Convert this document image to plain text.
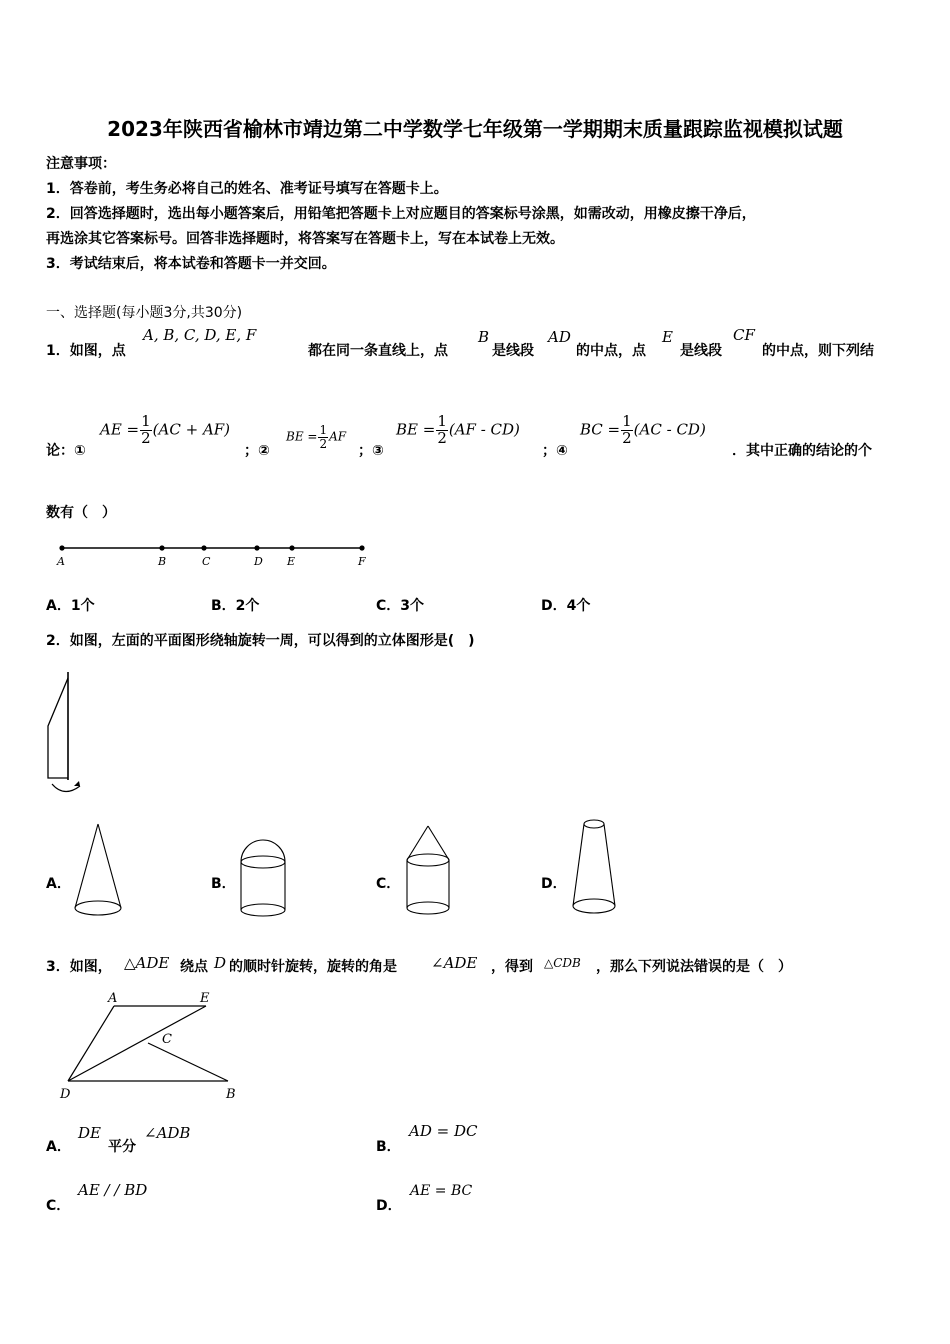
2023年陕西省榆林市靖边第二中学数学七年级第一学期期末质量跟踪监视模拟试题
注意事项：
1．答卷前，考生务必将自己的姓名、准考证号填写在答题卡上。
2．回答选择题时，选出每小题答案后，用铅笔把答题卡上对应题目的答案标号涂黑，如需改动，用橡皮擦干净后，
再选涂其它答案标号。回答非选择题时，将答案写在答题卡上，写在本试卷上无效。
3．考试结束后，将本试卷和答题卡一并交回。
一、选择题(每小题3分,共30分)
1．如图，点
A, B, C, D, E, F
都在同一条直线上，点
B
是线段
AD
的中点，点
E
是线段
CF
的中点，则下列结
论：①
AE = $\frac{1}{2} (AC + AF)$
；②
BE = $\frac{1}{2}$ AF
；③
BE = $\frac{1}{2} (AF - CD)$
；④
BC = $\frac{1}{2} (AC - CD)$
．其中正确的结论的个
数有（　）
A	B	C	D E	F
A．1个	B．2个	C．3个	D．4个
2．如图，左面的平面图形绕轴旋转一周，可以得到的立体图形是(　)
A．	B．	C．	D．
3．如图， △ADE 绕点 D 的顺时针旋转，旋转的角是 ∠ADE ，得到 △CDB ，那么下列说法错误的是（　）
A	E
C
D	B
A．
DE
平分
∠ADB
B．
AD = DC
C．
AE / / BD
D．
AE = BC
